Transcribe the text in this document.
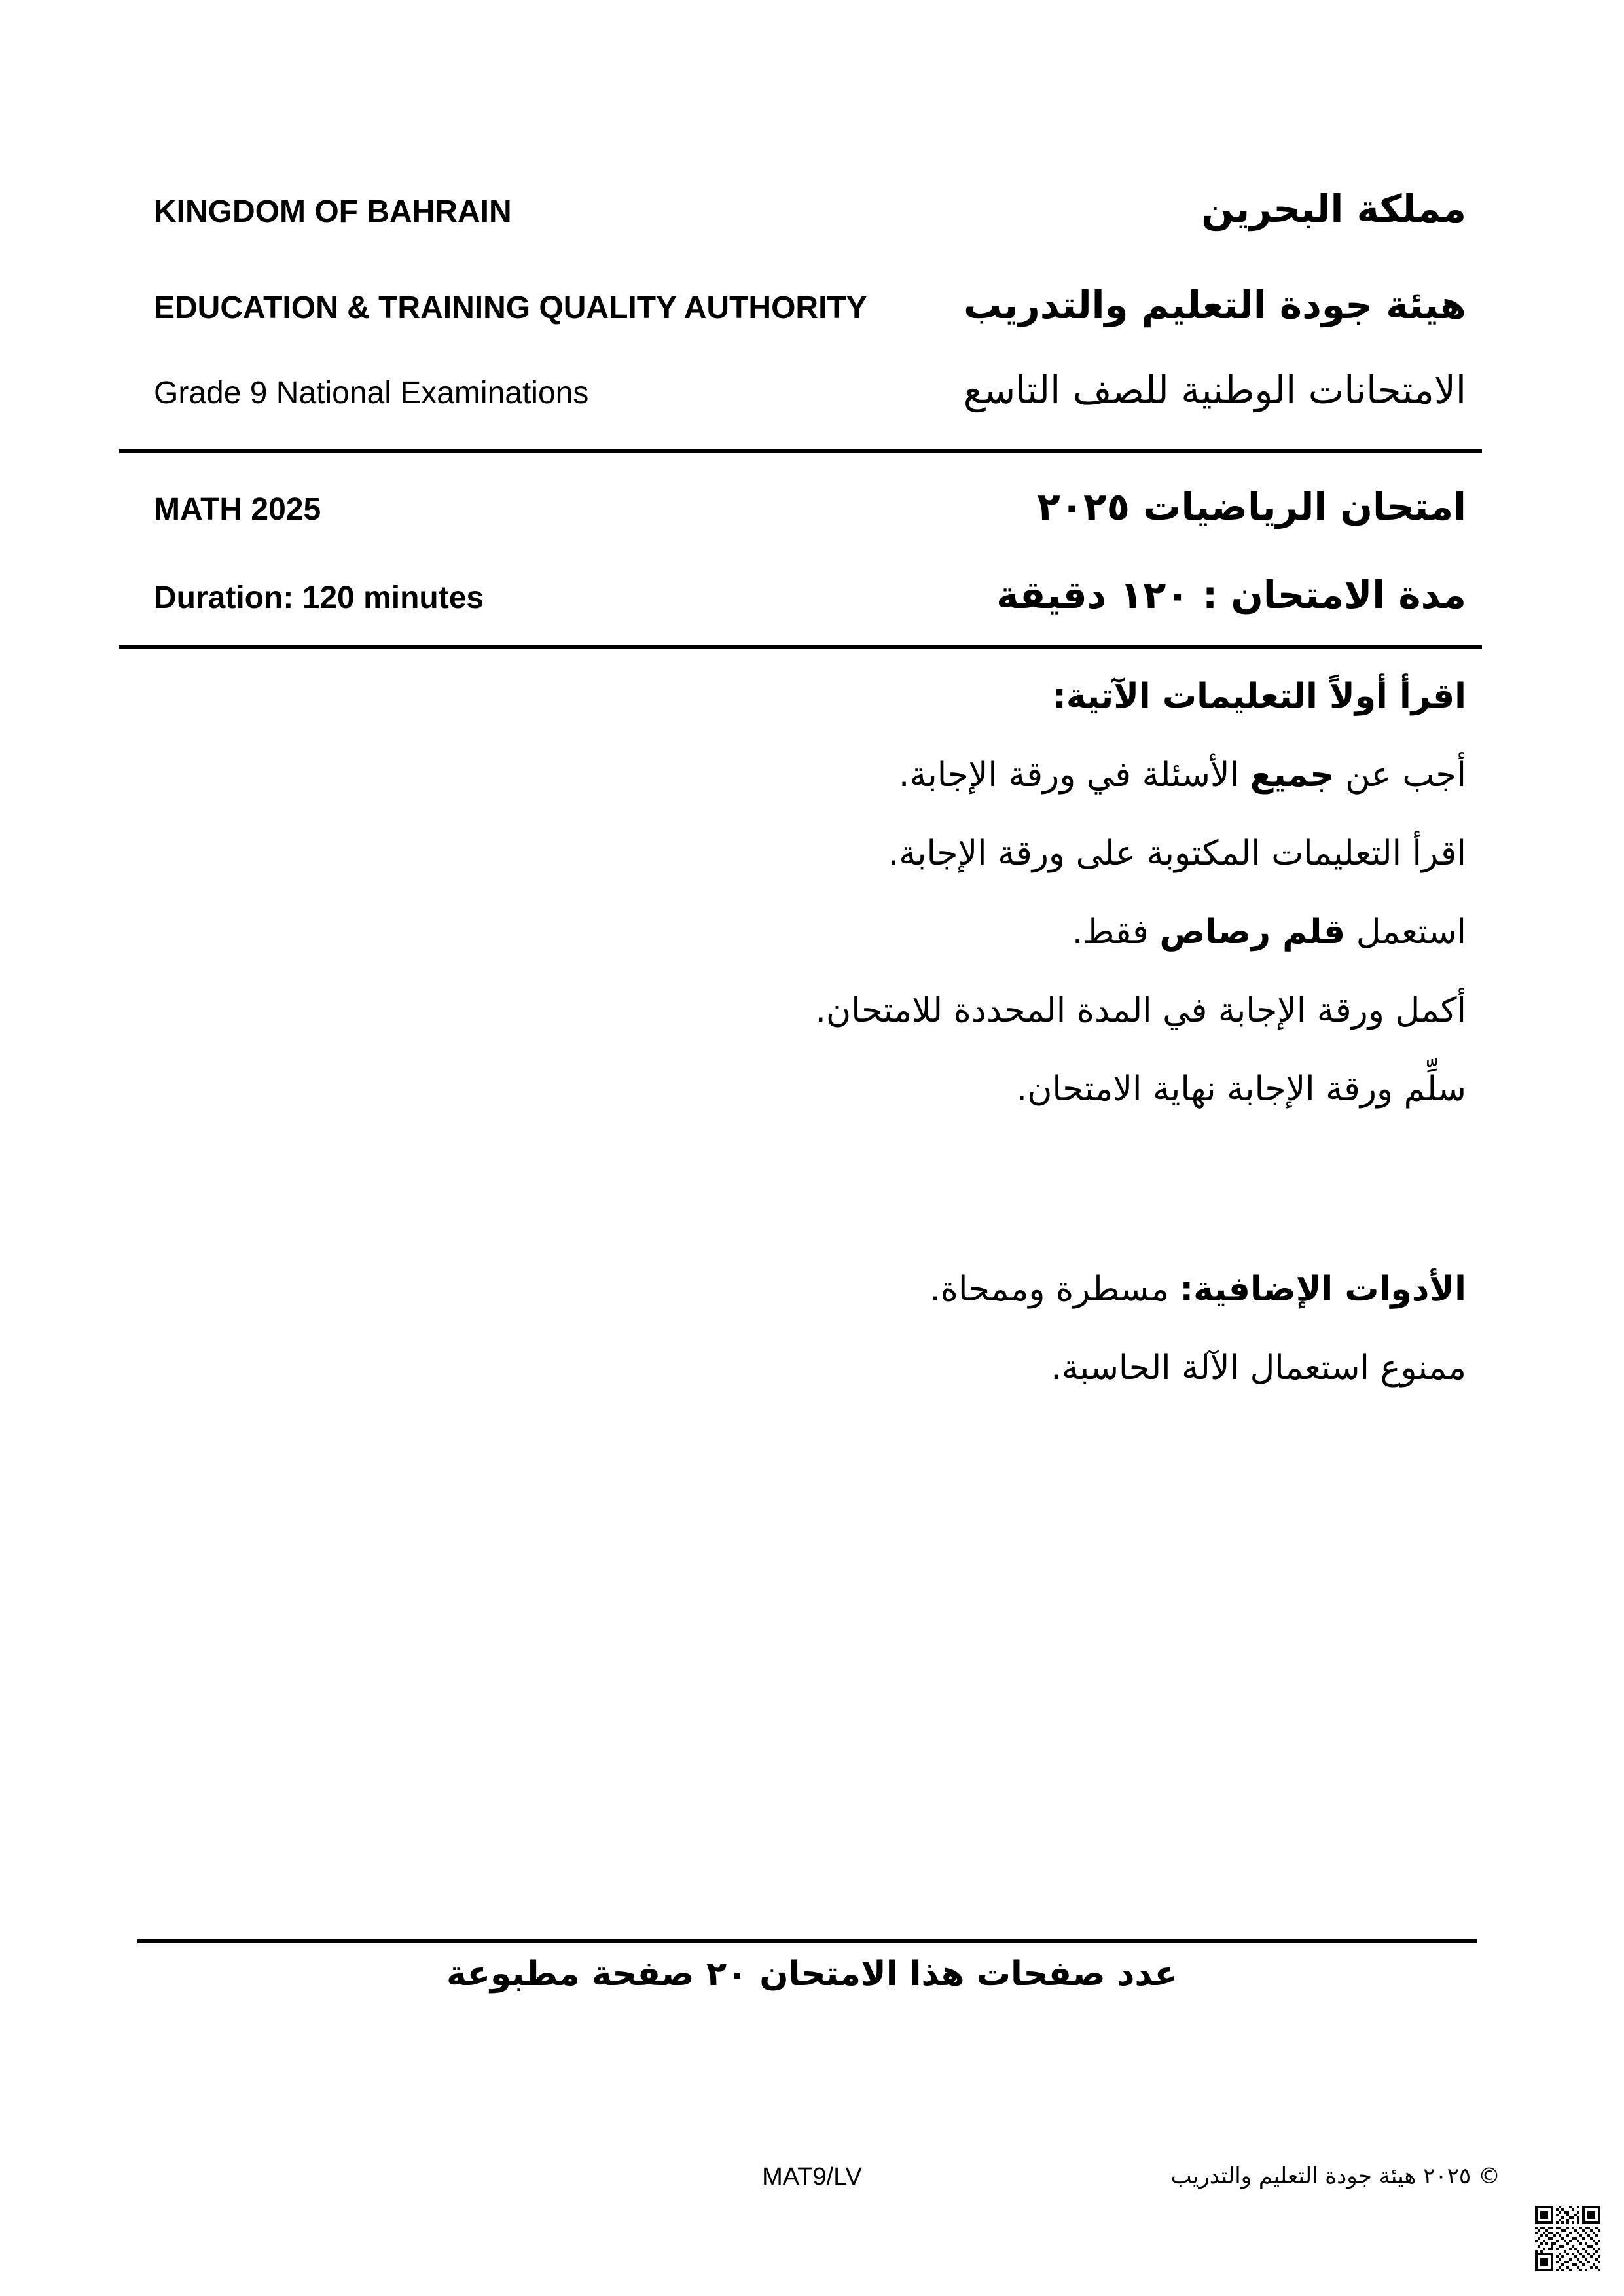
KINGDOM OF BAHRAIN	مملكة البحرين
EDUCATION & TRAINING QUALITY AUTHORITY	هيئة جودة التعليم والتدريب
Grade 9 National Examinations	الامتحانات الوطنية للصف التاسع
MATH 2025	امتحان الرياضيات ٢٠٢٥
Duration: 120 minutes	مدة الامتحان : ١٢٠ دقيقة
اقرأ أولاً التعليمات الآتية:
أجب عن جميع الأسئلة في ورقة الإجابة.
اقرأ التعليمات المكتوبة على ورقة الإجابة.
استعمل قلم رصاص فقط.
أكمل ورقة الإجابة في المدة المحددة للامتحان.
سلِّم ورقة الإجابة نهاية الامتحان.
الأدوات الإضافية: مسطرة وممحاة.
ممنوع استعمال الآلة الحاسبة.
عدد صفحات هذا الامتحان ٢٠ صفحة مطبوعة
MAT9/LV	© ٢٠٢٥ هيئة جودة التعليم والتدريب
